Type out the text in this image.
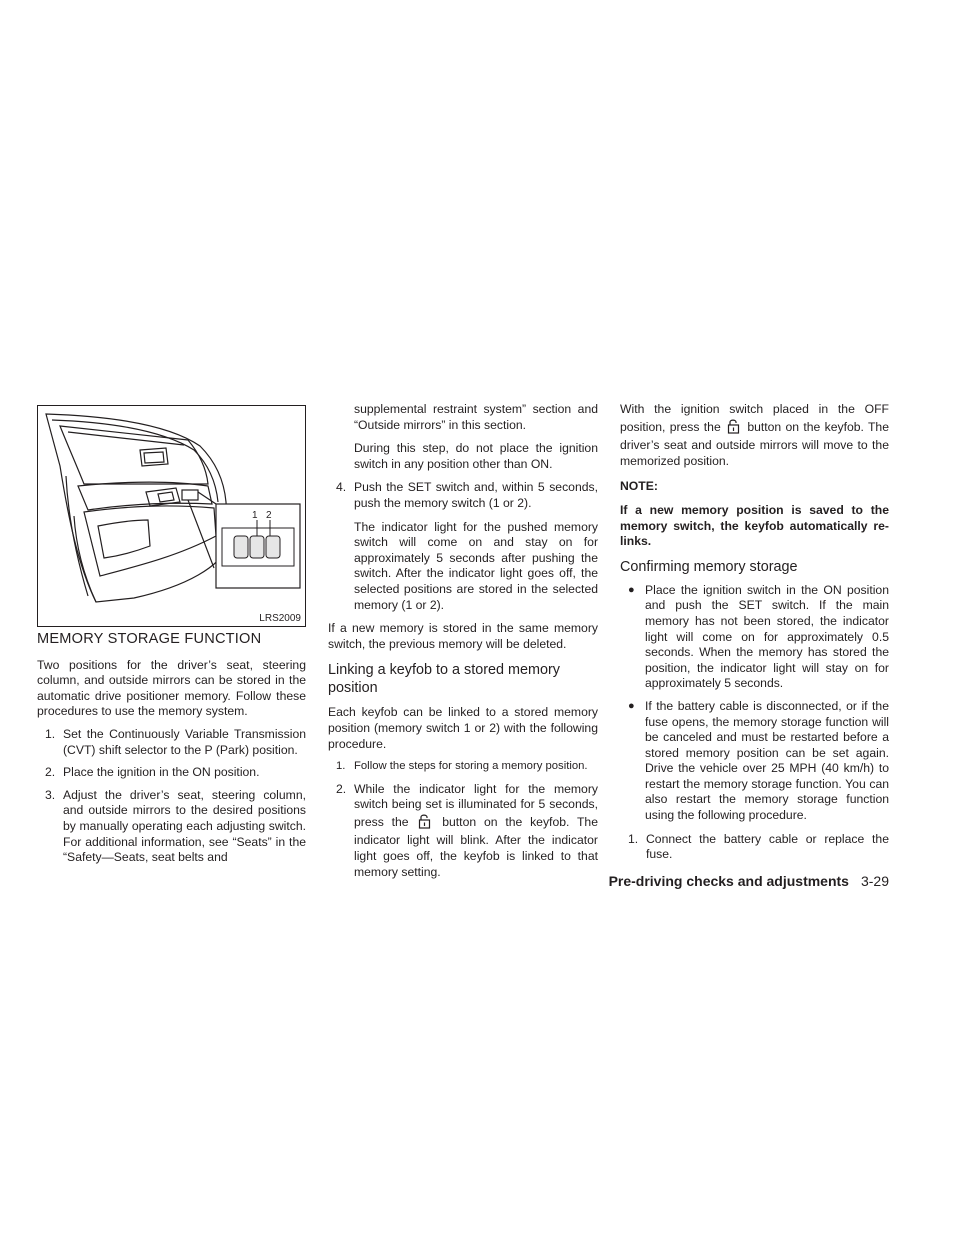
1 2
LRS2009
MEMORY STORAGE FUNCTION

Two positions for the driver’s seat, steering column, and outside mirrors can be stored in the automatic drive positioner memory. Follow these procedures to use the memory system.

1. Set the Continuously Variable Transmission (CVT) shift selector to the P (Park) position.

2. Place the ignition in the ON position.

3. Adjust the driver’s seat, steering column, and outside mirrors to the desired positions by manually operating each adjusting switch. For additional information, see “Seats” in the “Safety—Seats, seat belts and

supplemental restraint system” section and “Outside mirrors” in this section.

During this step, do not place the ignition switch in any position other than ON.

4. Push the SET switch and, within 5 seconds, push the memory switch (1 or 2).

The indicator light for the pushed memory switch will come on and stay on for approximately 5 seconds after pushing the switch. After the indicator light goes off, the selected positions are stored in the selected memory (1 or 2).

If a new memory is stored in the same memory switch, the previous memory will be deleted.

Linking a keyfob to a stored memory position

Each keyfob can be linked to a stored memory position (memory switch 1 or 2) with the following procedure.

1. Follow the steps for storing a memory position.

2. While the indicator light for the memory switch being set is illuminated for 5 seconds, press the	button on the keyfob. The indicator light will blink. After the indicator light goes off, the keyfob is linked to that memory setting.

With the ignition switch placed in the OFF position, press the button on the keyfob. The driver’s seat and outside mirrors will move to the memorized position.

NOTE:

If a new memory position is saved to the memory switch, the keyfob automatically re-links.

Confirming memory storage
● Place the ignition switch in the ON position and push the SET switch. If the main memory has not been stored, the indicator light will come on for approximately 0.5 seconds. When the memory has stored the position, the indicator light will stay on for approximately 5 seconds.

● If the battery cable is disconnected, or if the fuse opens, the memory storage function will be canceled and must be restarted before a stored memory position can be set again. Drive the vehicle over 25 MPH (40 km/h) to restart the memory storage function. You can also restart the memory storage function using the following procedure.

1. Connect the battery cable or replace the fuse.

Pre-driving checks and adjustments 3-29
